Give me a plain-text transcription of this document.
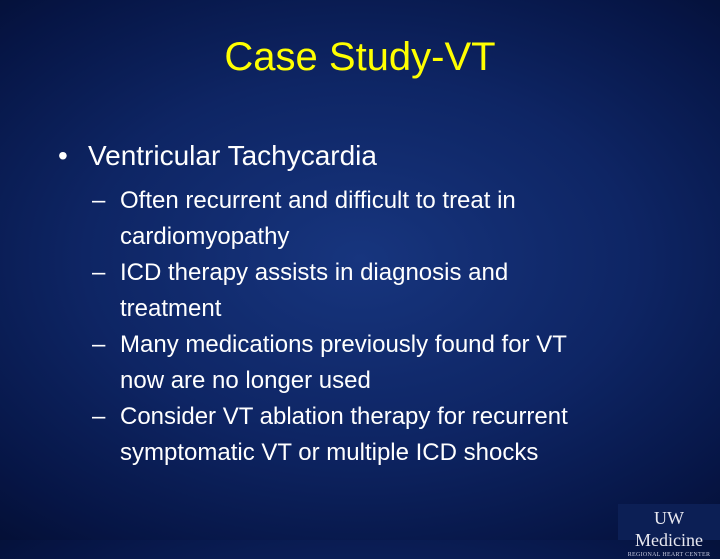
Case Study-VT
• Ventricular Tachycardia
– Often recurrent and difficult to treat in
cardiomyopathy
– ICD therapy assists in diagnosis and
treatment
– Many medications previously found for VT
now are no longer used
– Consider VT ablation therapy for recurrent
symptomatic VT or multiple ICD shocks
UW Medicine
REGIONAL HEART CENTER
